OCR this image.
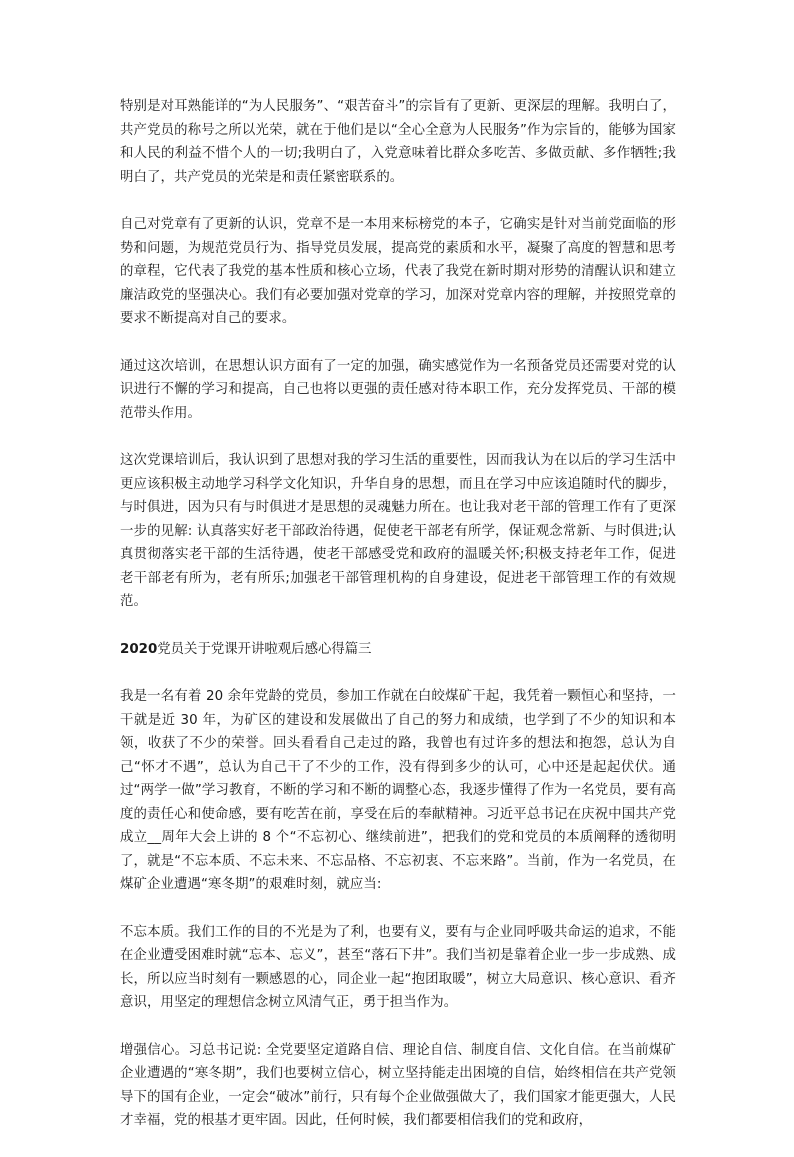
特别是对耳熟能详的“为人民服务”、“艰苦奋斗”的宗旨有了更新、更深层的理解。我明白了，共产党员的称号之所以光荣，就在于他们是以“全心全意为人民服务”作为宗旨的，能够为国家和人民的利益不惜个人的一切;我明白了，入党意味着比群众多吃苦、多做贡献、多作牺牲;我明白了，共产党员的光荣是和责任紧密联系的。

自己对党章有了更新的认识，党章不是一本用来标榜党的本子，它确实是针对当前党面临的形势和问题，为规范党员行为、指导党员发展，提高党的素质和水平，凝聚了高度的智慧和思考的章程，它代表了我党的基本性质和核心立场，代表了我党在新时期对形势的清醒认识和建立廉洁政党的坚强决心。我们有必要加强对党章的学习，加深对党章内容的理解，并按照党章的要求不断提高对自己的要求。

通过这次培训，在思想认识方面有了一定的加强，确实感觉作为一名预备党员还需要对党的认识进行不懈的学习和提高，自己也将以更强的责任感对待本职工作，充分发挥党员、干部的模范带头作用。

这次党课培训后，我认识到了思想对我的学习生活的重要性，因而我认为在以后的学习生活中更应该积极主动地学习科学文化知识，升华自身的思想，而且在学习中应该追随时代的脚步，与时俱进，因为只有与时俱进才是思想的灵魂魅力所在。也让我对老干部的管理工作有了更深一步的见解: 认真落实好老干部政治待遇，促使老干部老有所学，保证观念常新、与时俱进;认真贯彻落实老干部的生活待遇，使老干部感受党和政府的温暖关怀;积极支持老年工作，促进老干部老有所为，老有所乐;加强老干部管理机构的自身建设，促进老干部管理工作的有效规范。

2020党员关于党课开讲啦观后感心得篇三

我是一名有着 20 余年党龄的党员，参加工作就在白皎煤矿干起，我凭着一颗恒心和坚持，一干就是近 30 年，为矿区的建设和发展做出了自己的努力和成绩，也学到了不少的知识和本领，收获了不少的荣誉。回头看看自己走过的路，我曾也有过许多的想法和抱怨，总认为自己“怀才不遇”，总认为自己干了不少的工作，没有得到多少的认可，心中还是起起伏伏。通过“两学一做”学习教育，不断的学习和不断的调整心态，我逐步懂得了作为一名党员，要有高度的责任心和使命感，要有吃苦在前，享受在后的奉献精神。习近平总书记在庆祝中国共产党成立__周年大会上讲的 8 个“不忘初心、继续前进”，把我们的党和党员的本质阐释的透彻明了，就是“不忘本质、不忘未来、不忘品格、不忘初衷、不忘来路”。当前，作为一名党员，在煤矿企业遭遇“寒冬期”的艰难时刻，就应当:

不忘本质。我们工作的目的不光是为了利，也要有义，要有与企业同呼吸共命运的追求，不能在企业遭受困难时就“忘本、忘义”，甚至“落石下井”。我们当初是靠着企业一步一步成熟、成长，所以应当时刻有一颗感恩的心，同企业一起“抱团取暖”，树立大局意识、核心意识、看齐意识，用坚定的理想信念树立风清气正，勇于担当作为。

增强信心。习总书记说: 全党要坚定道路自信、理论自信、制度自信、文化自信。在当前煤矿企业遭遇的“寒冬期”，我们也要树立信心，树立坚持能走出困境的自信，始终相信在共产党领导下的国有企业，一定会“破冰”前行，只有每个企业做强做大了，我们国家才能更强大，人民才幸福，党的根基才更牢固。因此，任何时候，我们都要相信我们的党和政府，
